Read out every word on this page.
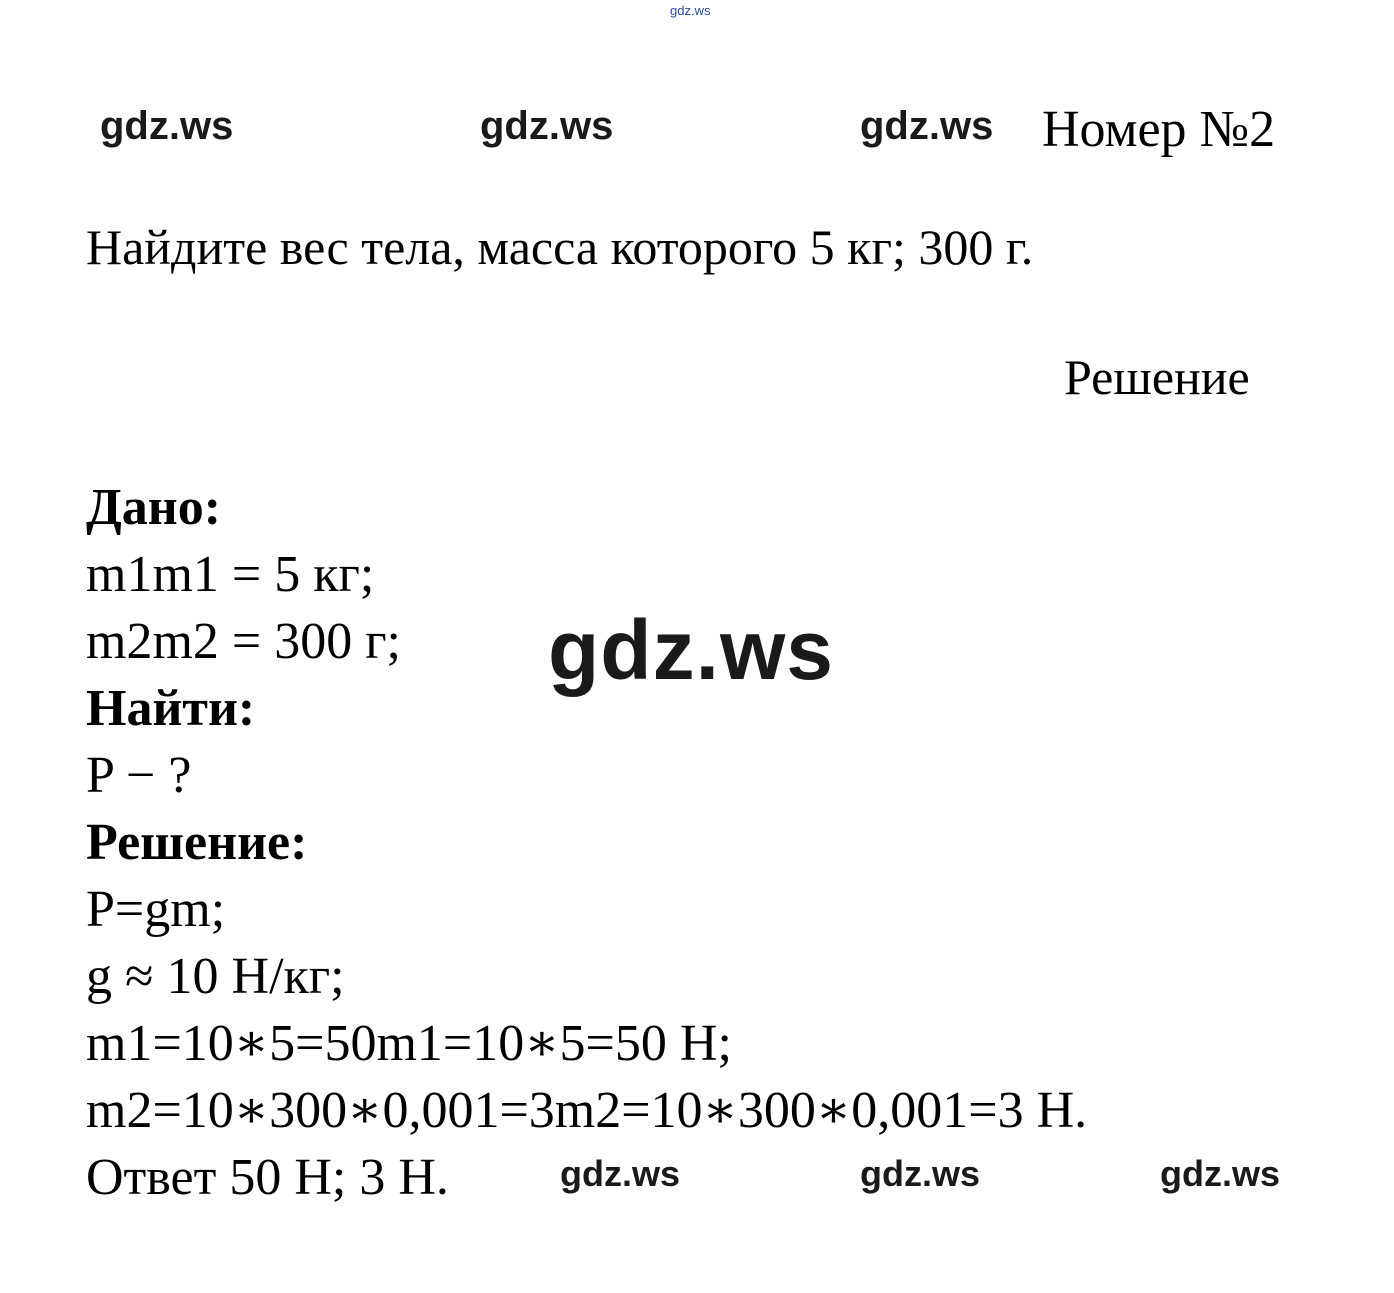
gdz.ws
gdz.ws	gdz.ws	gdz.ws
gdz.ws
gdz.ws	gdz.ws	gdz.ws
Номер №2
Найдите вес тела, масса которого 5 кг; 300 г.
Решение
Дано:
m1m1 = 5 кг;
m2m2 = 300 г;
Найти:
P − ?
Решение:
P=gm;
g ≈ 10 Н/кг;
m1=10∗5=50m1=10∗5=50 Н;
m2=10∗300∗0,001=3m2=10∗300∗0,001=3 Н.
Ответ 50 Н; 3 Н.
